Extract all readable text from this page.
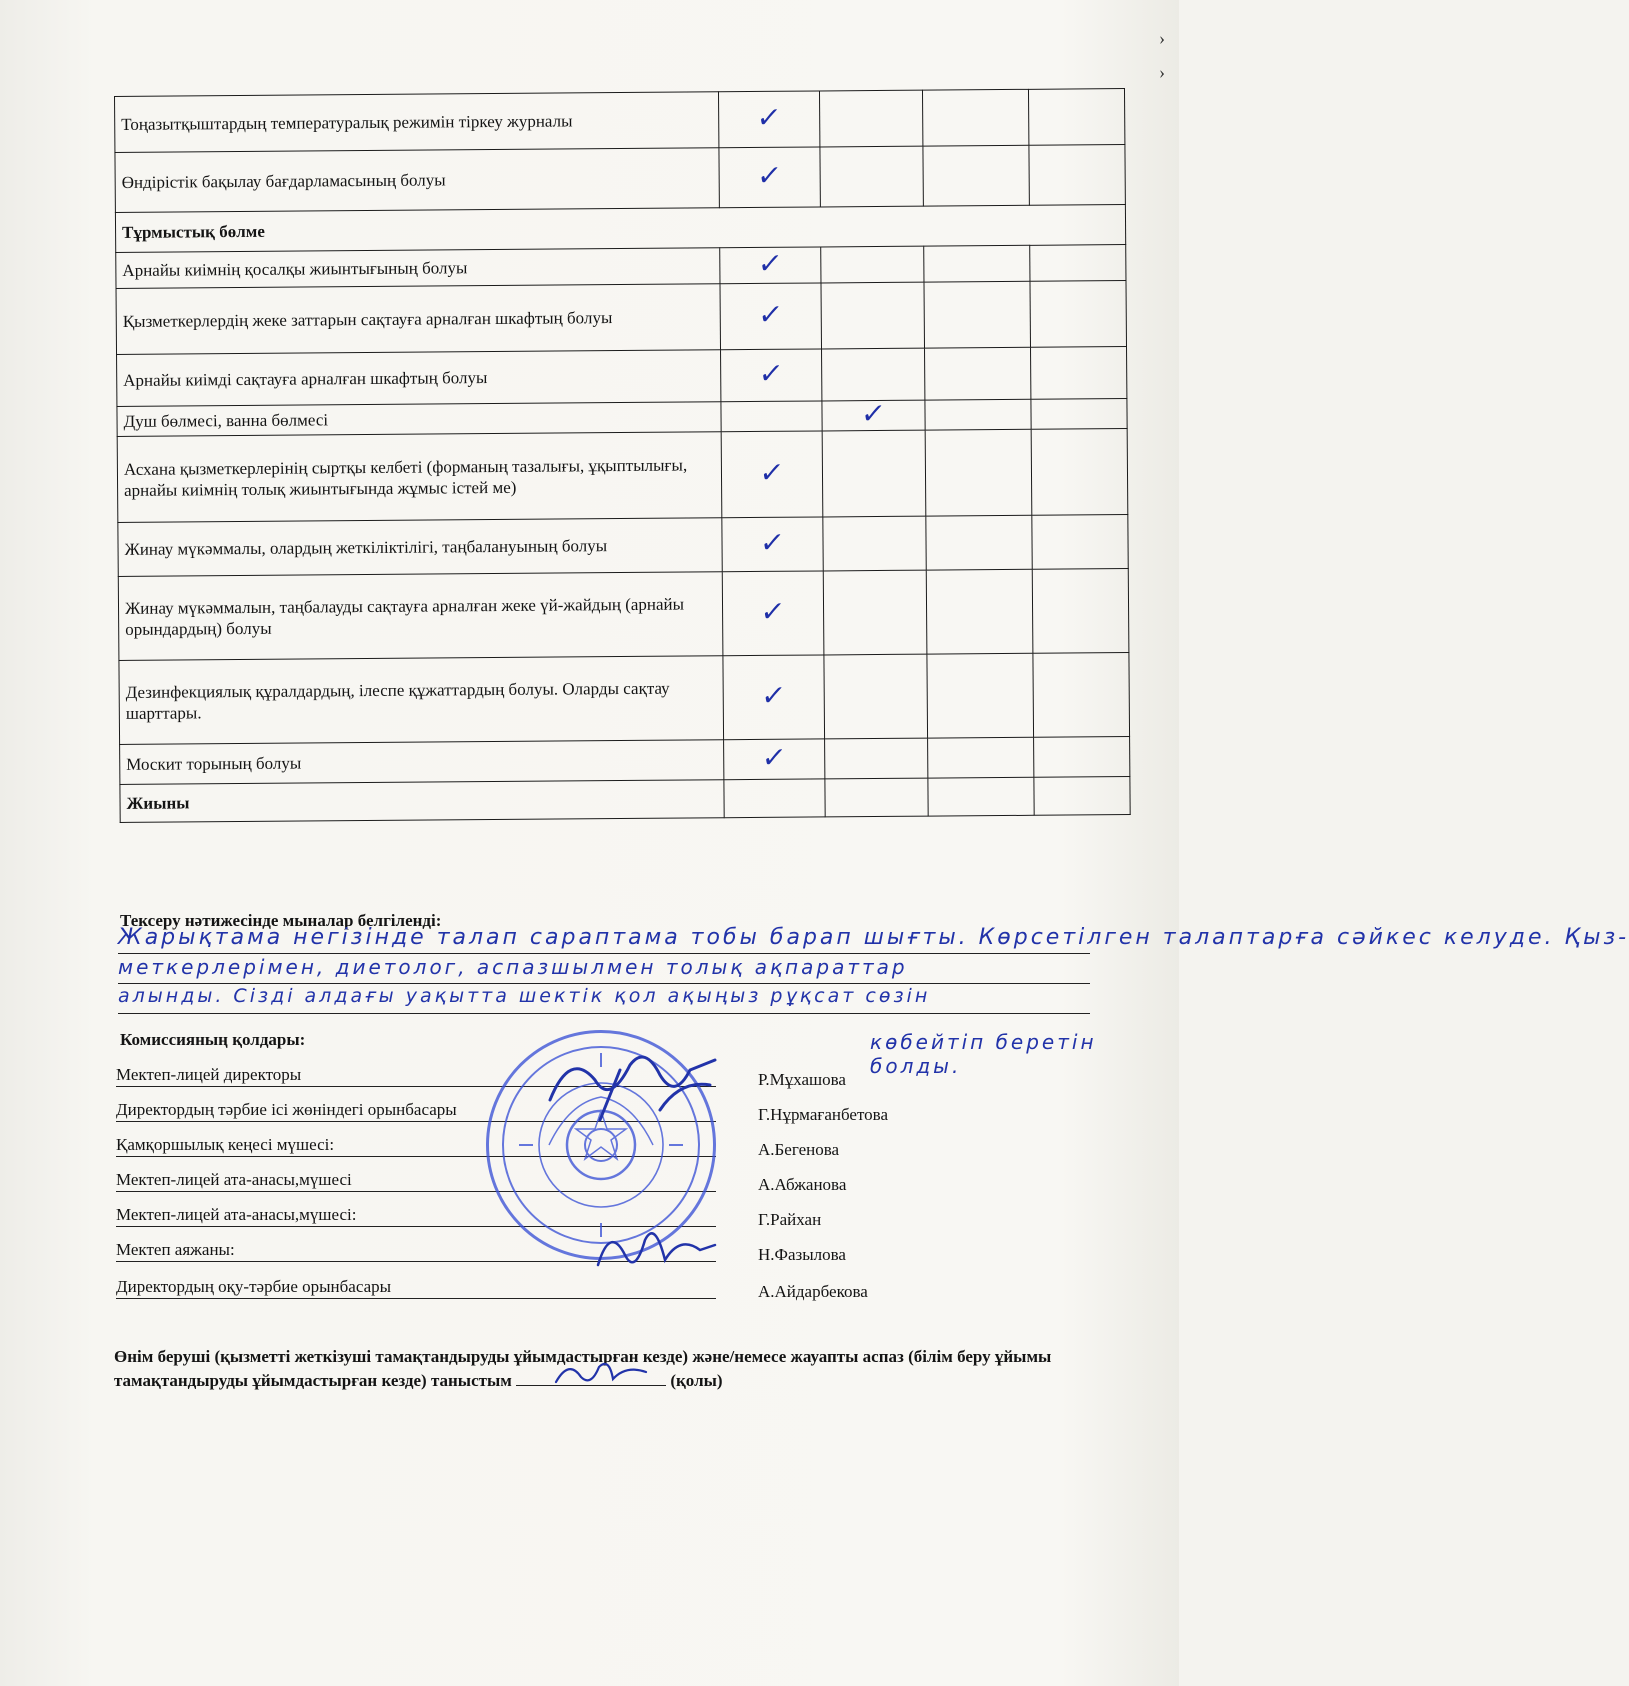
Тоңазытқыштардың температуралық режимін тіркеу журналы	✓			
Өндірістік бақылау бағдарламасының болуы	✓			
Тұрмыстық бөлме				
Арнайы киімнің қосалқы жиынтығының болуы	✓			
Қызметкерлердің жеке заттарын сақтауға арналған шкафтың болуы	✓			
Арнайы киімді сақтауға арналған шкафтың болуы	✓			
Душ бөлмесі, ванна бөлмесі		✓		
Асхана қызметкерлерінің сыртқы келбеті (форманың тазалығы, ұқыптылығы, арнайы киімнің толық жиынтығында жұмыс істей ме)	✓			
Жинау мүкәммалы, олардың жеткіліктілігі, таңбалануының болуы	✓			
Жинау мүкәммалын, таңбалауды сақтауға арналған жеке үй-жайдың (арнайы орындардың) болуы	✓			
Дезинфекциялық құралдардың, ілеспе құжаттардың болуы. Оларды сақтау шарттары.	✓			
Москит торының болуы	✓			
Жиыны				
Тексеру нәтижесінде мыналар белгіленді:
Жарықтама негізінде талап сараптама тобы барап шығты. Көрсетілген талаптарға сәйкес келуде. Қыз-
меткерлерімен, диетолог, аспазшылмен толық ақпараттар
алынды. Сізді алдағы уақытта шектік қол ақыңыз рұқсат сөзін
көбейтіп беретін болды.
Комиссияның қолдары:
Мектеп-лицей директоры	Р.Мұхашова
Директордың тәрбие ісі жөніндегі орынбасары	Г.Нұрмағанбетова
Қамқоршылық кеңесі мүшесі:	А.Бегенова
Мектеп-лицей ата-анасы,мүшесі	А.Абжанова
Мектеп-лицей ата-анасы,мүшесі:	Г.Райхан
Мектеп аяжаны:	Н.Фазылова
Директордың оқу-тәрбие орынбасары	А.Айдарбекова
Өнім беруші (қызметті жеткізуші тамақтандыруды ұйымдастырған кезде) және/немесе жауапты аспаз (білім беру ұйымы тамақтандыруды ұйымдастырған кезде) таныстым	(қолы)
›
›
